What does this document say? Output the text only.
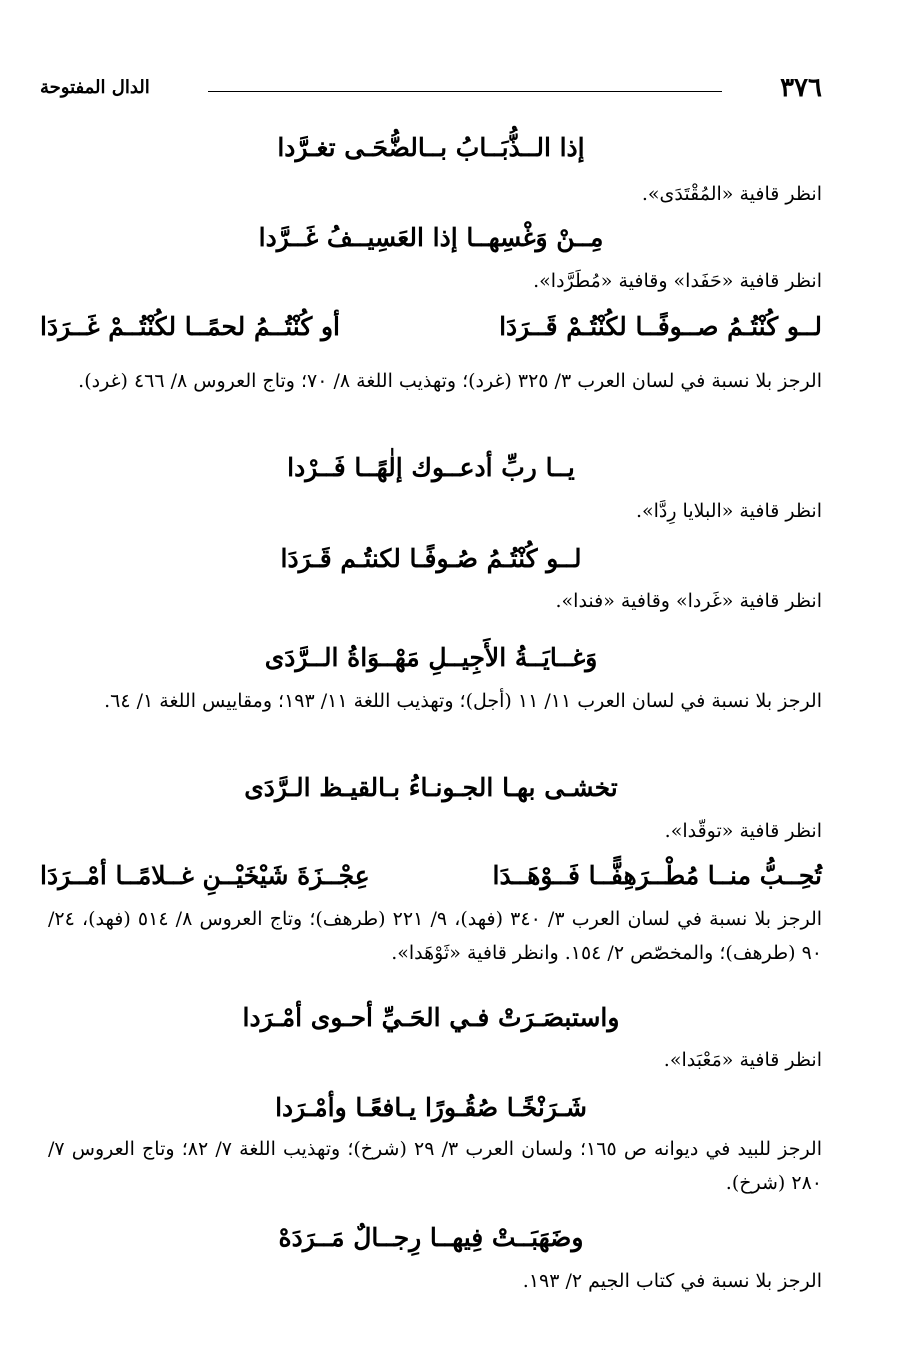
٣٧٦
الدال المفتوحة
إذا الــذُّبَــابُ بــالضُّحَـى تغـرَّدا
انظر قافية «المُقْتَدَى».
مِــنْ وَغْسِهــا إذا العَسِيــفُ غَــرَّدا
انظر قافية «حَفَدا» وقافية «مُطَرَّدا».
لــو كُنْتُـمُ صــوفًــا لكُنْتُـمْ قَــرَدَا
أو كُنْتُــمُ لحمًــا لكُنْتُــمْ غَــرَدَا
الرجز بلا نسبة في لسان العرب ٣/ ٣٢٥ (غرد)؛ وتهذيب اللغة ٨/ ٧٠؛ وتاج العروس ٨/ ٤٦٦ (غرد).
يــا ربِّ أدعــوك إلٰهًــا فَــرْدا
انظر قافية «البلايا رِدَّا».
لــو كُنْتُـمُ صُـوفًـا لكنتُـم قَـرَدَا
انظر قافية «غَردا» وقافية «فندا».
وَغــايَــةُ الأَجِيــلِ مَهْــوَاةُ الــرَّدَى
الرجز بلا نسبة في لسان العرب ١١/ ١١ (أجل)؛ وتهذيب اللغة ١١/ ١٩٣؛ ومقاييس اللغة ١/ ٦٤.
تخشـى بهـا الجـونـاءُ بـالقيـظ الـرَّدَى
انظر قافية «توقّدا».
تُحِــبُّ منــا مُطْــرَهِفًّــا فَــوْهَــدَا
عِجْــزَةَ شَيْخَيْــنِ غــلامًــا أمْــرَدَا
الرجز بلا نسبة في لسان العرب ٣/ ٣٤٠ (فهد)، ٩/ ٢٢١ (طرهف)؛ وتاج العروس ٨/ ٥١٤ (فهد)، ٢٤/ ٩٠ (طرهف)؛ والمخصّص ٢/ ١٥٤. وانظر قافية «ثَوْهَدا».
واستبصَـرَتْ فـي الحَـيِّ أحـوى أمْـرَدا
انظر قافية «مَعْبَدا».
شَـرَنْخًـا صُقُـورًا يـافعًـا وأمْـرَدا
الرجز للبيد في ديوانه ص ١٦٥؛ ولسان العرب ٣/ ٢٩ (شرخ)؛ وتهذيب اللغة ٧/ ٨٢؛ وتاج العروس ٧/ ٢٨٠ (شرخ).
وضَهَبَــتْ فِيهــا رِجــالٌ مَــرَدَهْ
الرجز بلا نسبة في كتاب الجيم ٢/ ١٩٣.
